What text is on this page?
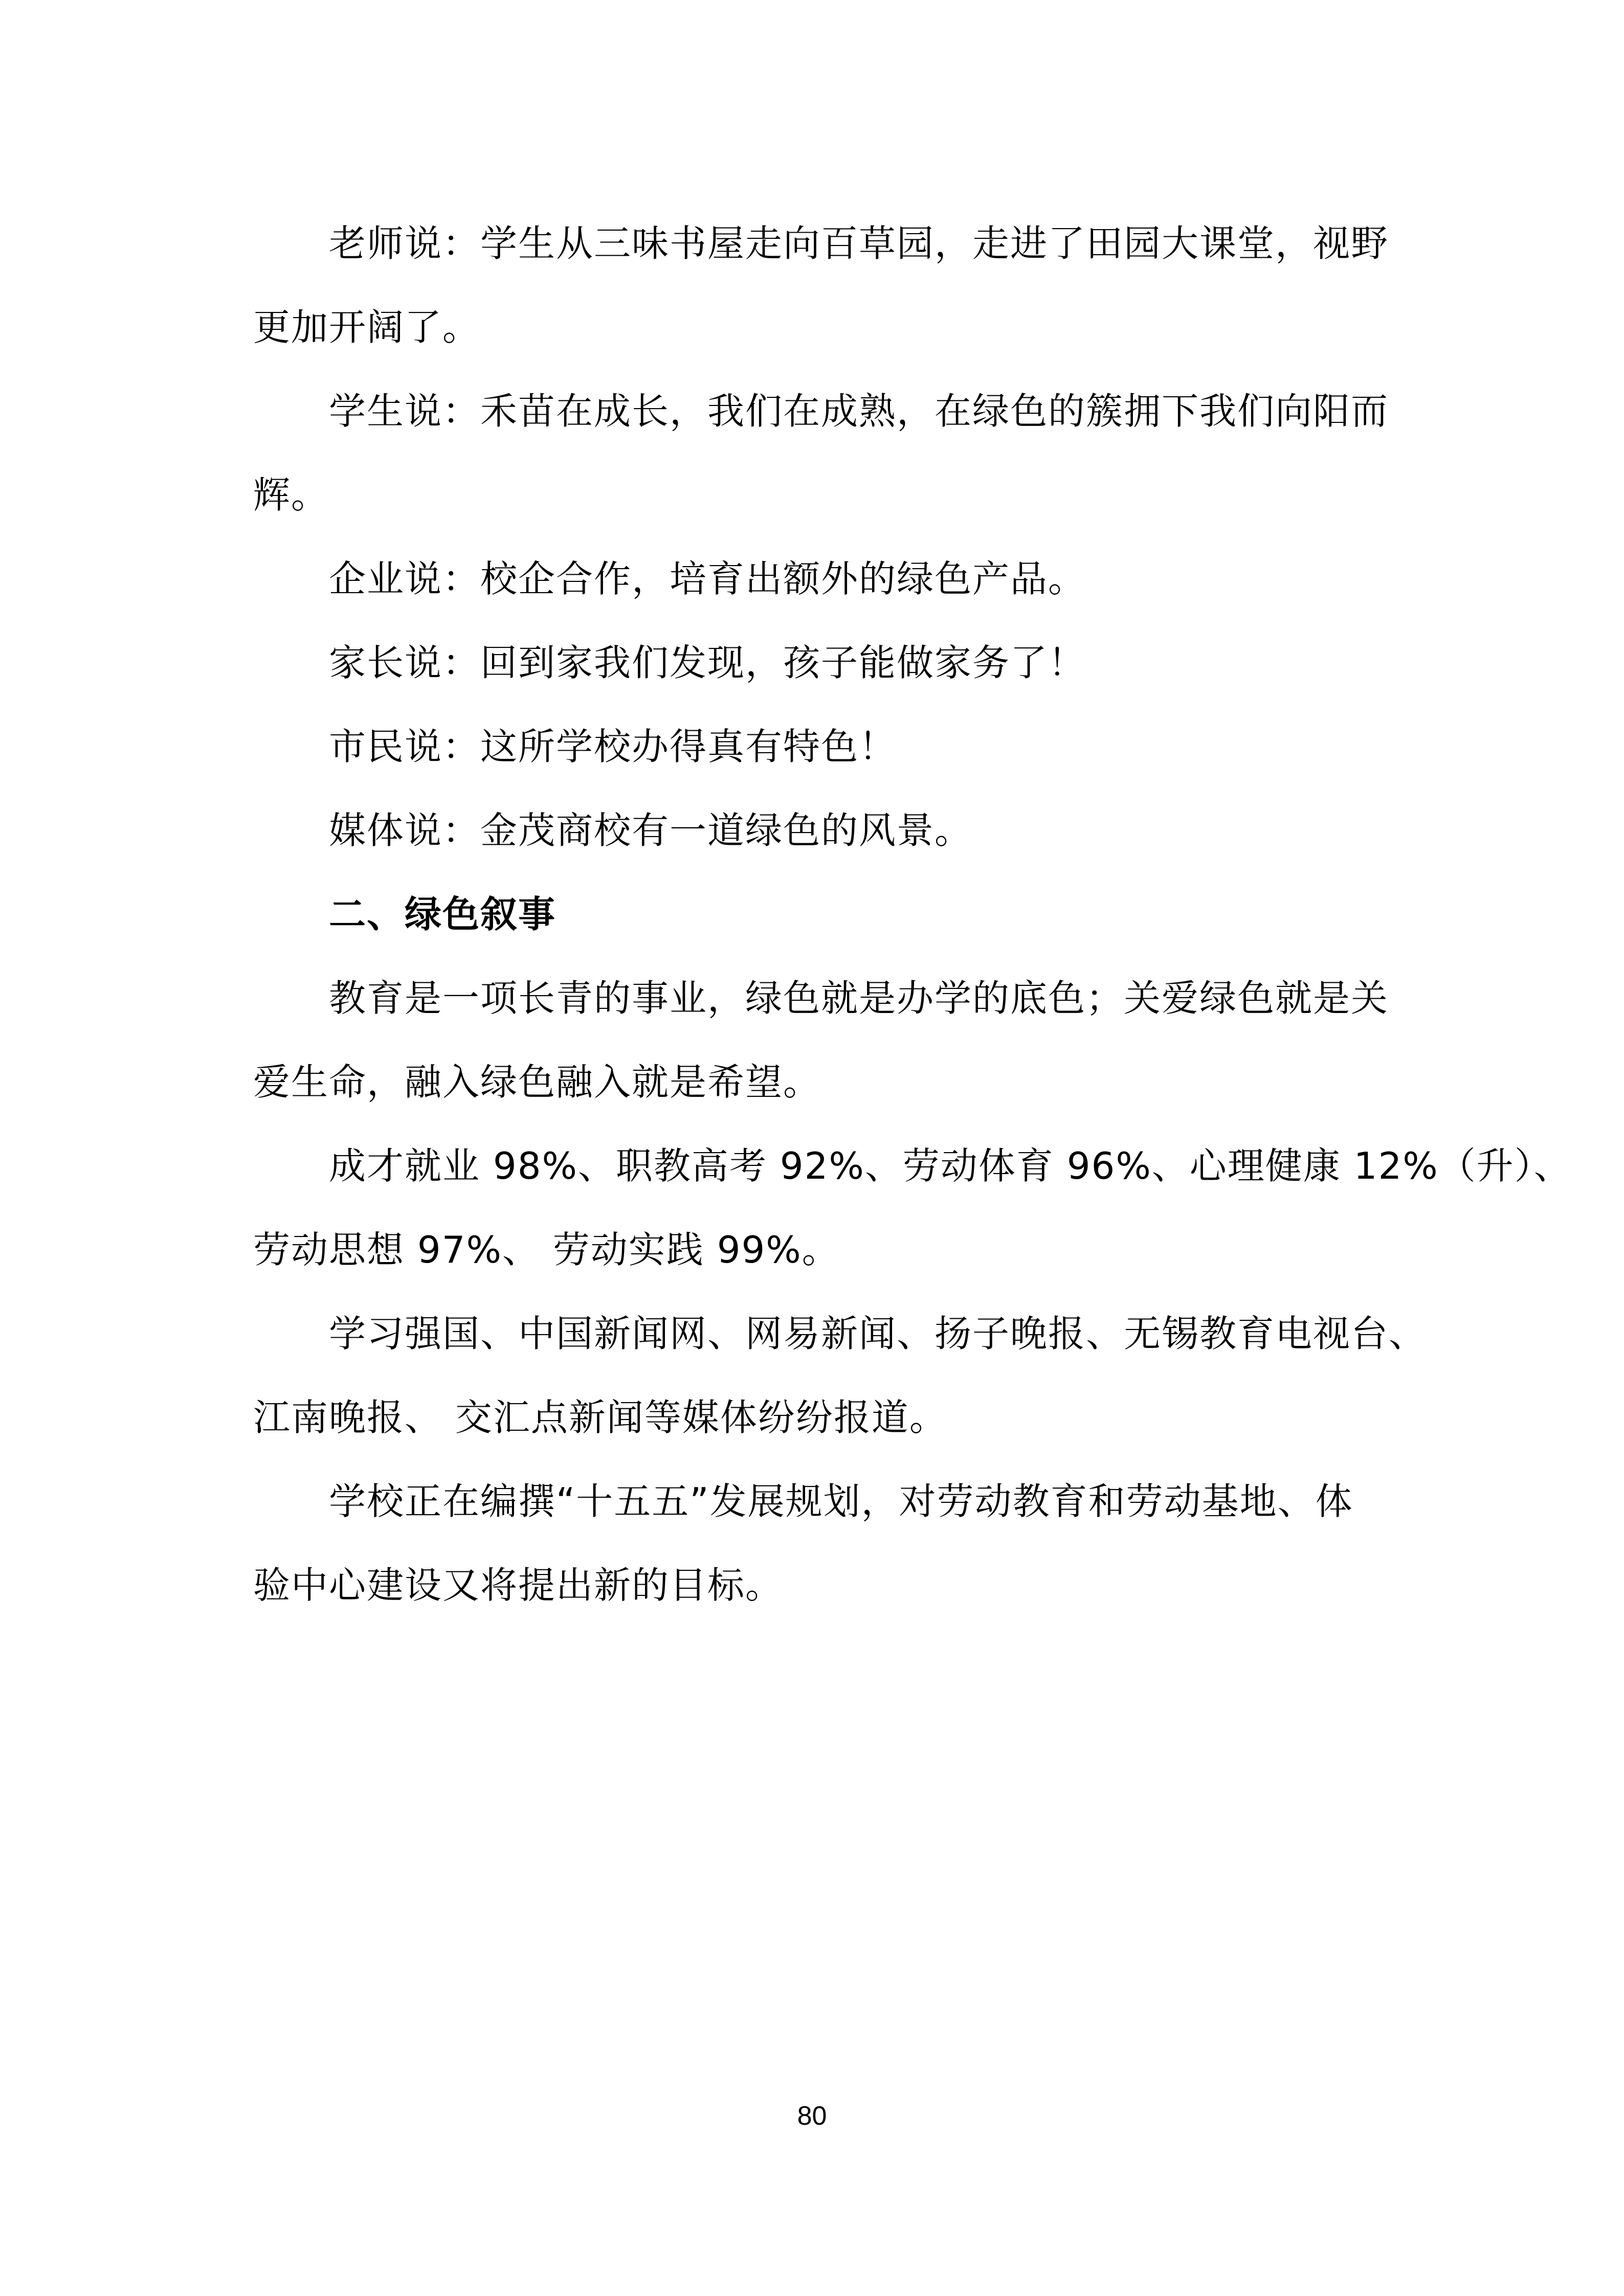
老师说：学生从三味书屋走向百草园，走进了田园大课堂，视野
更加开阔了。
学生说：禾苗在成长，我们在成熟，在绿色的簇拥下我们向阳而
辉。
企业说：校企合作，培育出额外的绿色产品。
家长说：回到家我们发现，孩子能做家务了！
市民说：这所学校办得真有特色！
媒体说：金茂商校有一道绿色的风景。
二、绿色叙事
教育是一项长青的事业，绿色就是办学的底色；关爱绿色就是关
爱生命，融入绿色融入就是希望。
成才就业 98%、职教高考 92%、劳动体育 96%、心理健康 12%（升）、
劳动思想 97%、 劳动实践 99%。
学习强国、中国新闻网、网易新闻、扬子晚报、无锡教育电视台、
江南晚报、 交汇点新闻等媒体纷纷报道。
学校正在编撰“十五五”发展规划，对劳动教育和劳动基地、体
验中心建设又将提出新的目标。
80
